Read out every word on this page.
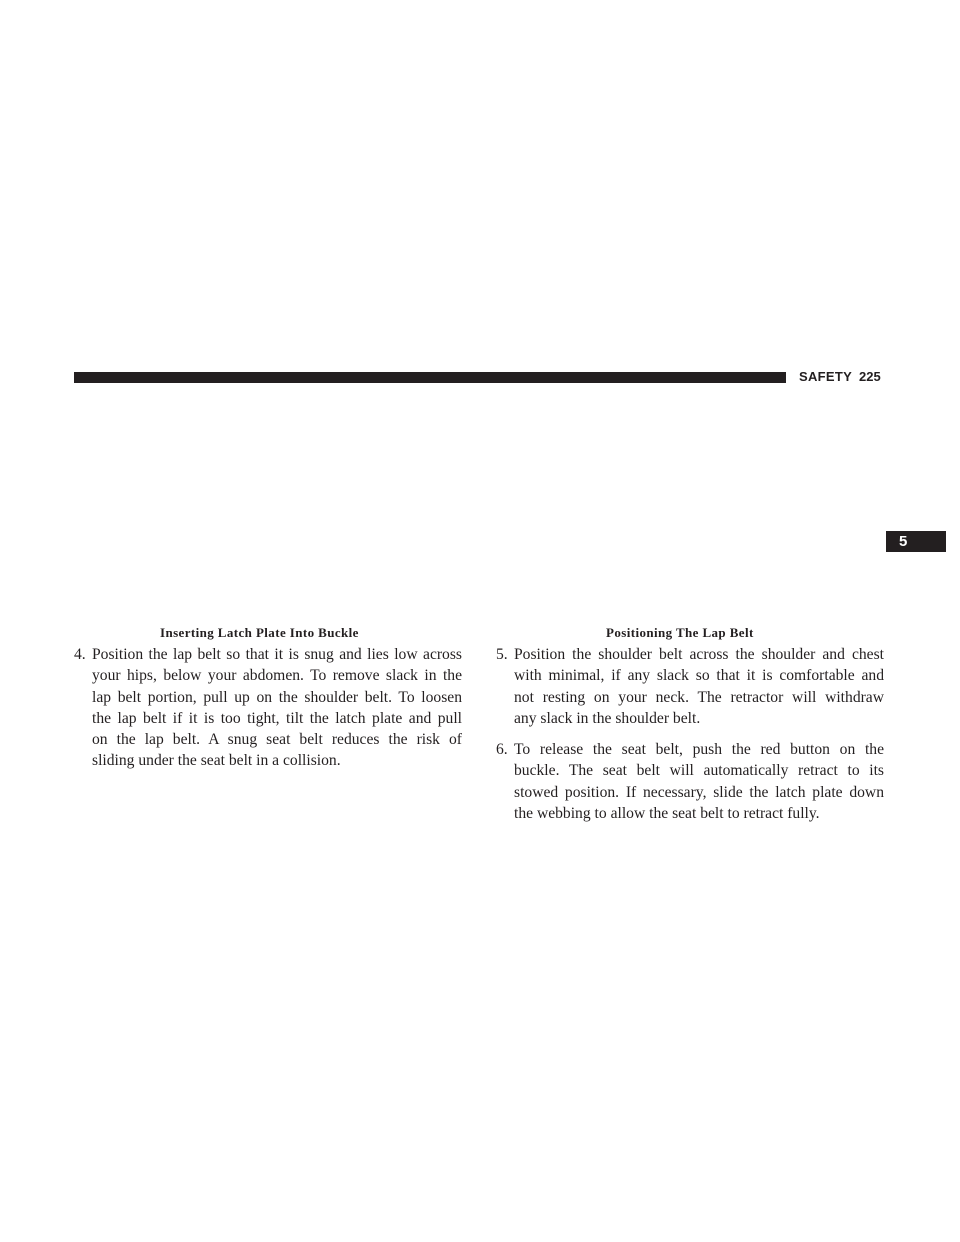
SAFETY 225
5
Inserting Latch Plate Into Buckle	Positioning The Lap Belt
4. Position the lap belt so that it is snug and lies low across
your hips, below your abdomen. To remove slack in the
lap belt portion, pull up on the shoulder belt. To loosen
the lap belt if it is too tight, tilt the latch plate and pull
on the lap belt. A snug seat belt reduces the risk of
sliding under the seat belt in a collision.
5. Position the shoulder belt across the shoulder and chest
with minimal, if any slack so that it is comfortable and
not resting on your neck. The retractor will withdraw
any slack in the shoulder belt.
6. To release the seat belt, push the red button on the
buckle. The seat belt will automatically retract to its
stowed position. If necessary, slide the latch plate down
the webbing to allow the seat belt to retract fully.
